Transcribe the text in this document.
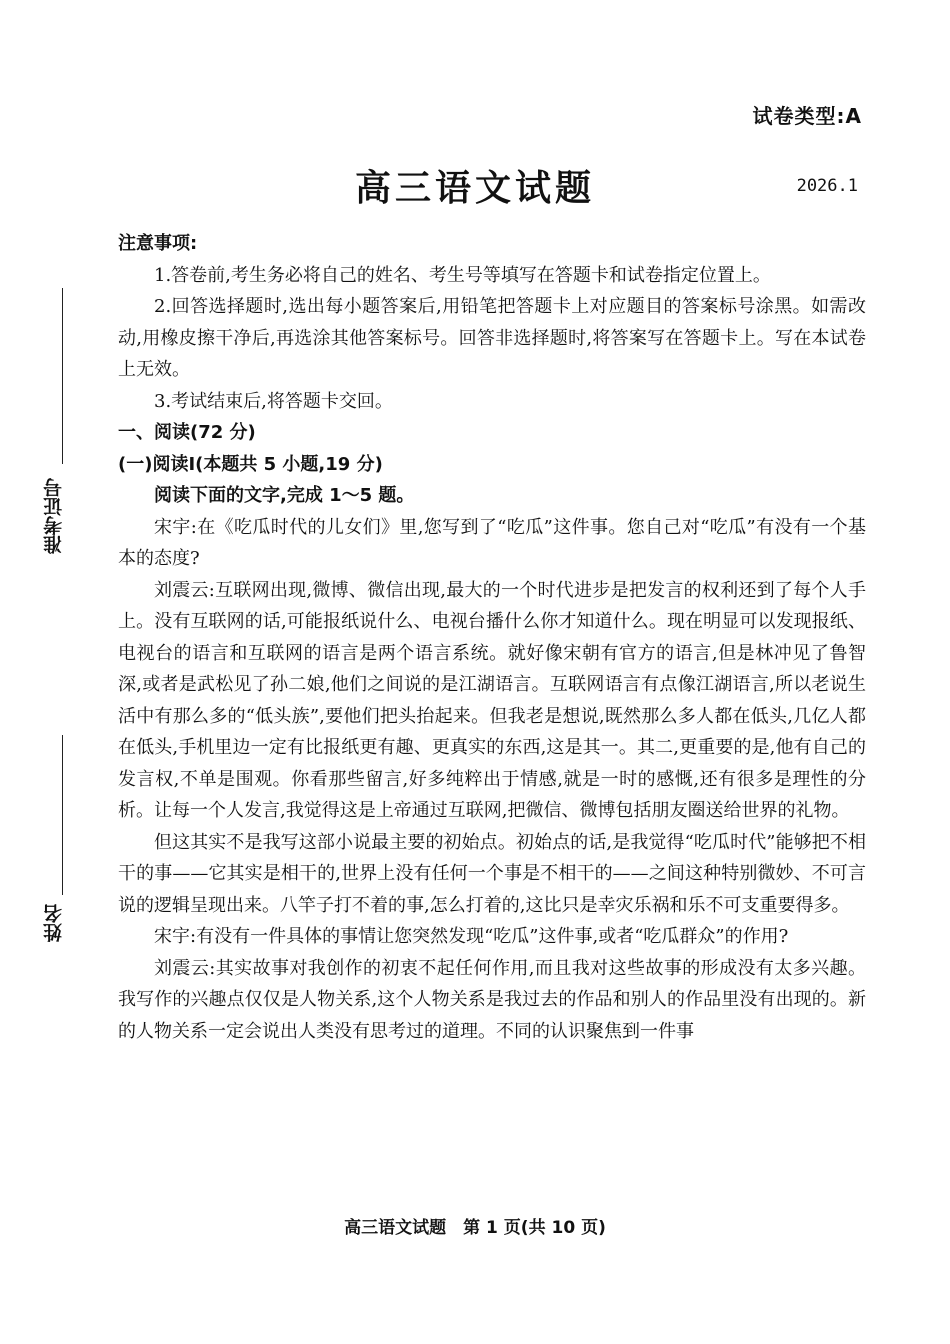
试卷类型:A
高三语文试题	2026.1
准考证号
姓名

注意事项:

1.答卷前,考生务必将自己的姓名、考生号等填写在答题卡和试卷指定位置上。

2.回答选择题时,选出每小题答案后,用铅笔把答题卡上对应题目的答案标号涂黑。如需改动,用橡皮擦干净后,再选涂其他答案标号。回答非选择题时,将答案写在答题卡上。写在本试卷上无效。

3.考试结束后,将答题卡交回。

一、阅读(72 分)

(一)阅读Ⅰ(本题共 5 小题,19 分)

阅读下面的文字,完成 1～5 题。

宋宇:在《吃瓜时代的儿女们》里,您写到了“吃瓜”这件事。您自己对“吃瓜”有没有一个基本的态度?

刘震云:互联网出现,微博、微信出现,最大的一个时代进步是把发言的权利还到了每个人手上。没有互联网的话,可能报纸说什么、电视台播什么你才知道什么。现在明显可以发现报纸、电视台的语言和互联网的语言是两个语言系统。就好像宋朝有官方的语言,但是林冲见了鲁智深,或者是武松见了孙二娘,他们之间说的是江湖语言。互联网语言有点像江湖语言,所以老说生活中有那么多的“低头族”,要他们把头抬起来。但我老是想说,既然那么多人都在低头,几亿人都在低头,手机里边一定有比报纸更有趣、更真实的东西,这是其一。其二,更重要的是,他有自己的发言权,不单是围观。你看那些留言,好多纯粹出于情感,就是一时的感慨,还有很多是理性的分析。让每一个人发言,我觉得这是上帝通过互联网,把微信、微博包括朋友圈送给世界的礼物。

但这其实不是我写这部小说最主要的初始点。初始点的话,是我觉得“吃瓜时代”能够把不相干的事——它其实是相干的,世界上没有任何一个事是不相干的——之间这种特别微妙、不可言说的逻辑呈现出来。八竿子打不着的事,怎么打着的,这比只是幸灾乐祸和乐不可支重要得多。

宋宇:有没有一件具体的事情让您突然发现“吃瓜”这件事,或者“吃瓜群众”的作用?

刘震云:其实故事对我创作的初衷不起任何作用,而且我对这些故事的形成没有太多兴趣。我写作的兴趣点仅仅是人物关系,这个人物关系是我过去的作品和别人的作品里没有出现的。新的人物关系一定会说出人类没有思考过的道理。不同的认识聚焦到一件事

高三语文试题　第 1 页(共 10 页)
